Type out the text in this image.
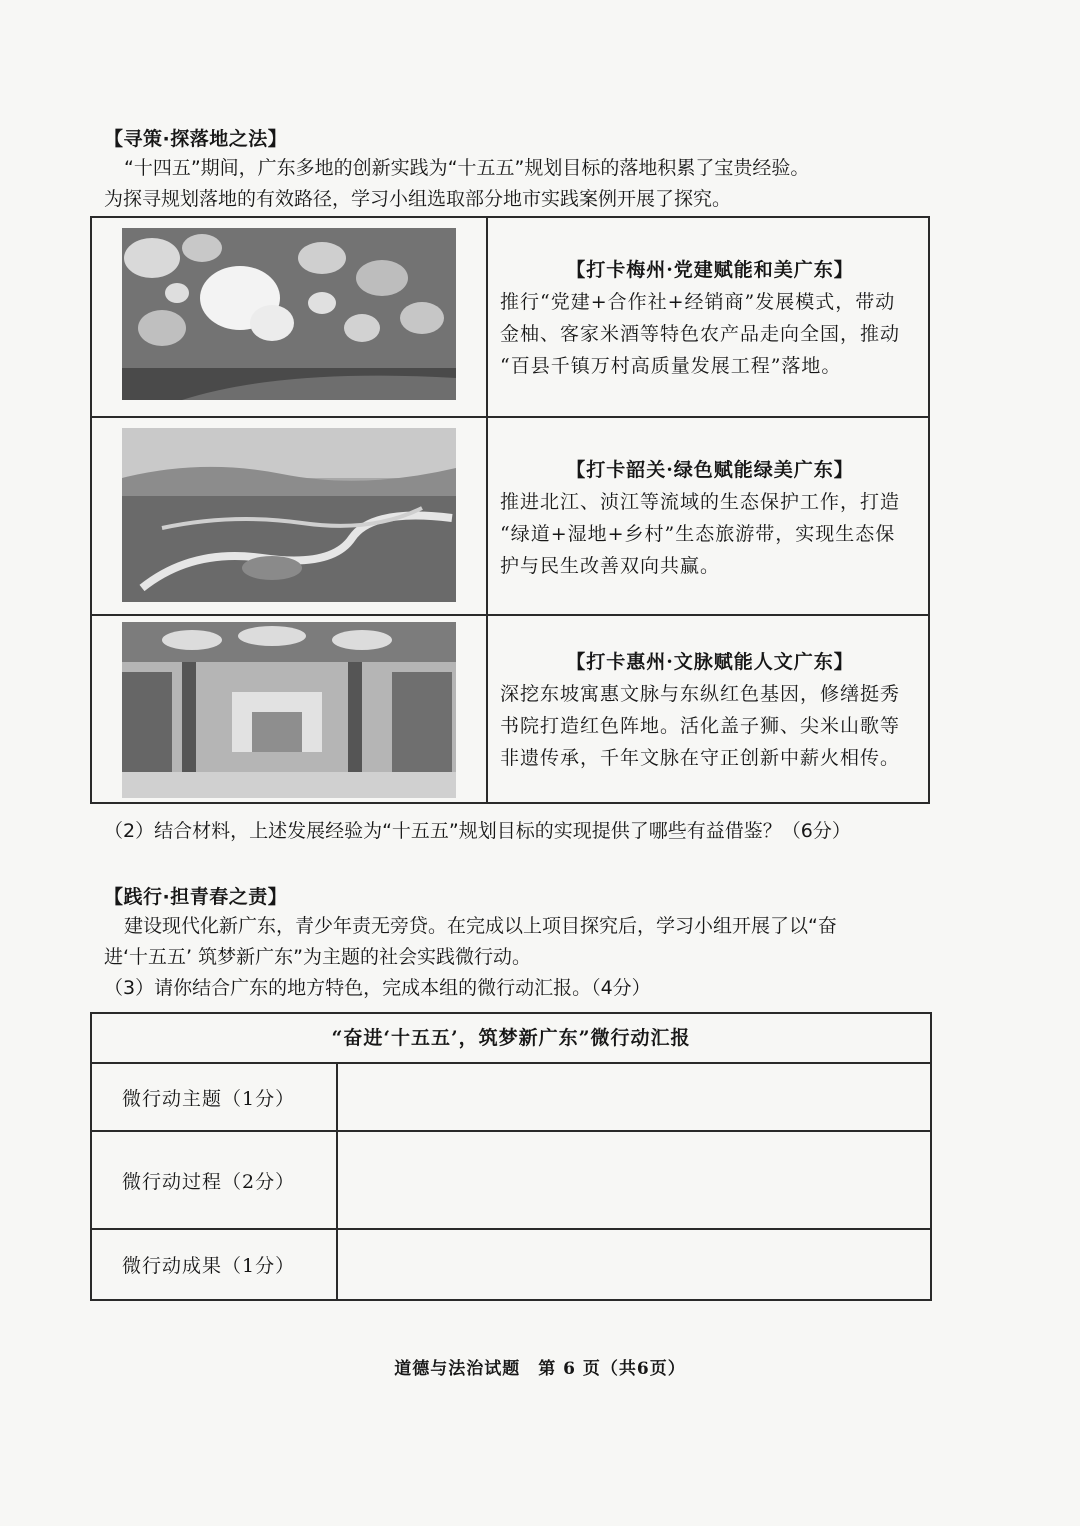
【寻策·探落地之法】
“十四五”期间，广东多地的创新实践为“十五五”规划目标的落地积累了宝贵经验。
为探寻规划落地的有效路径，学习小组选取部分地市实践案例开展了探究。
【打卡梅州·党建赋能和美广东】
推行“党建+合作社+经销商”发展模式，带动
金柚、客家米酒等特色农产品走向全国，推动
“百县千镇万村高质量发展工程”落地。
【打卡韶关·绿色赋能绿美广东】
推进北江、浈江等流域的生态保护工作，打造
“绿道+湿地+乡村”生态旅游带，实现生态保
护与民生改善双向共赢。
【打卡惠州·文脉赋能人文广东】
深挖东坡寓惠文脉与东纵红色基因，修缮挺秀
书院打造红色阵地。活化盖子狮、尖米山歌等
非遗传承，千年文脉在守正创新中薪火相传。
（2）结合材料，上述发展经验为“十五五”规划目标的实现提供了哪些有益借鉴？（6分）
【践行·担青春之责】
建设现代化新广东，青少年责无旁贷。在完成以上项目探究后，学习小组开展了以“奋
进‘十五五’ 筑梦新广东”为主题的社会实践微行动。
（3）请你结合广东的地方特色，完成本组的微行动汇报。（4分）
“奋进‘十五五’，筑梦新广东”微行动汇报
微行动主题（1分）
微行动过程（2分）
微行动成果（1分）
道德与法治试题　第 6 页（共6页）
